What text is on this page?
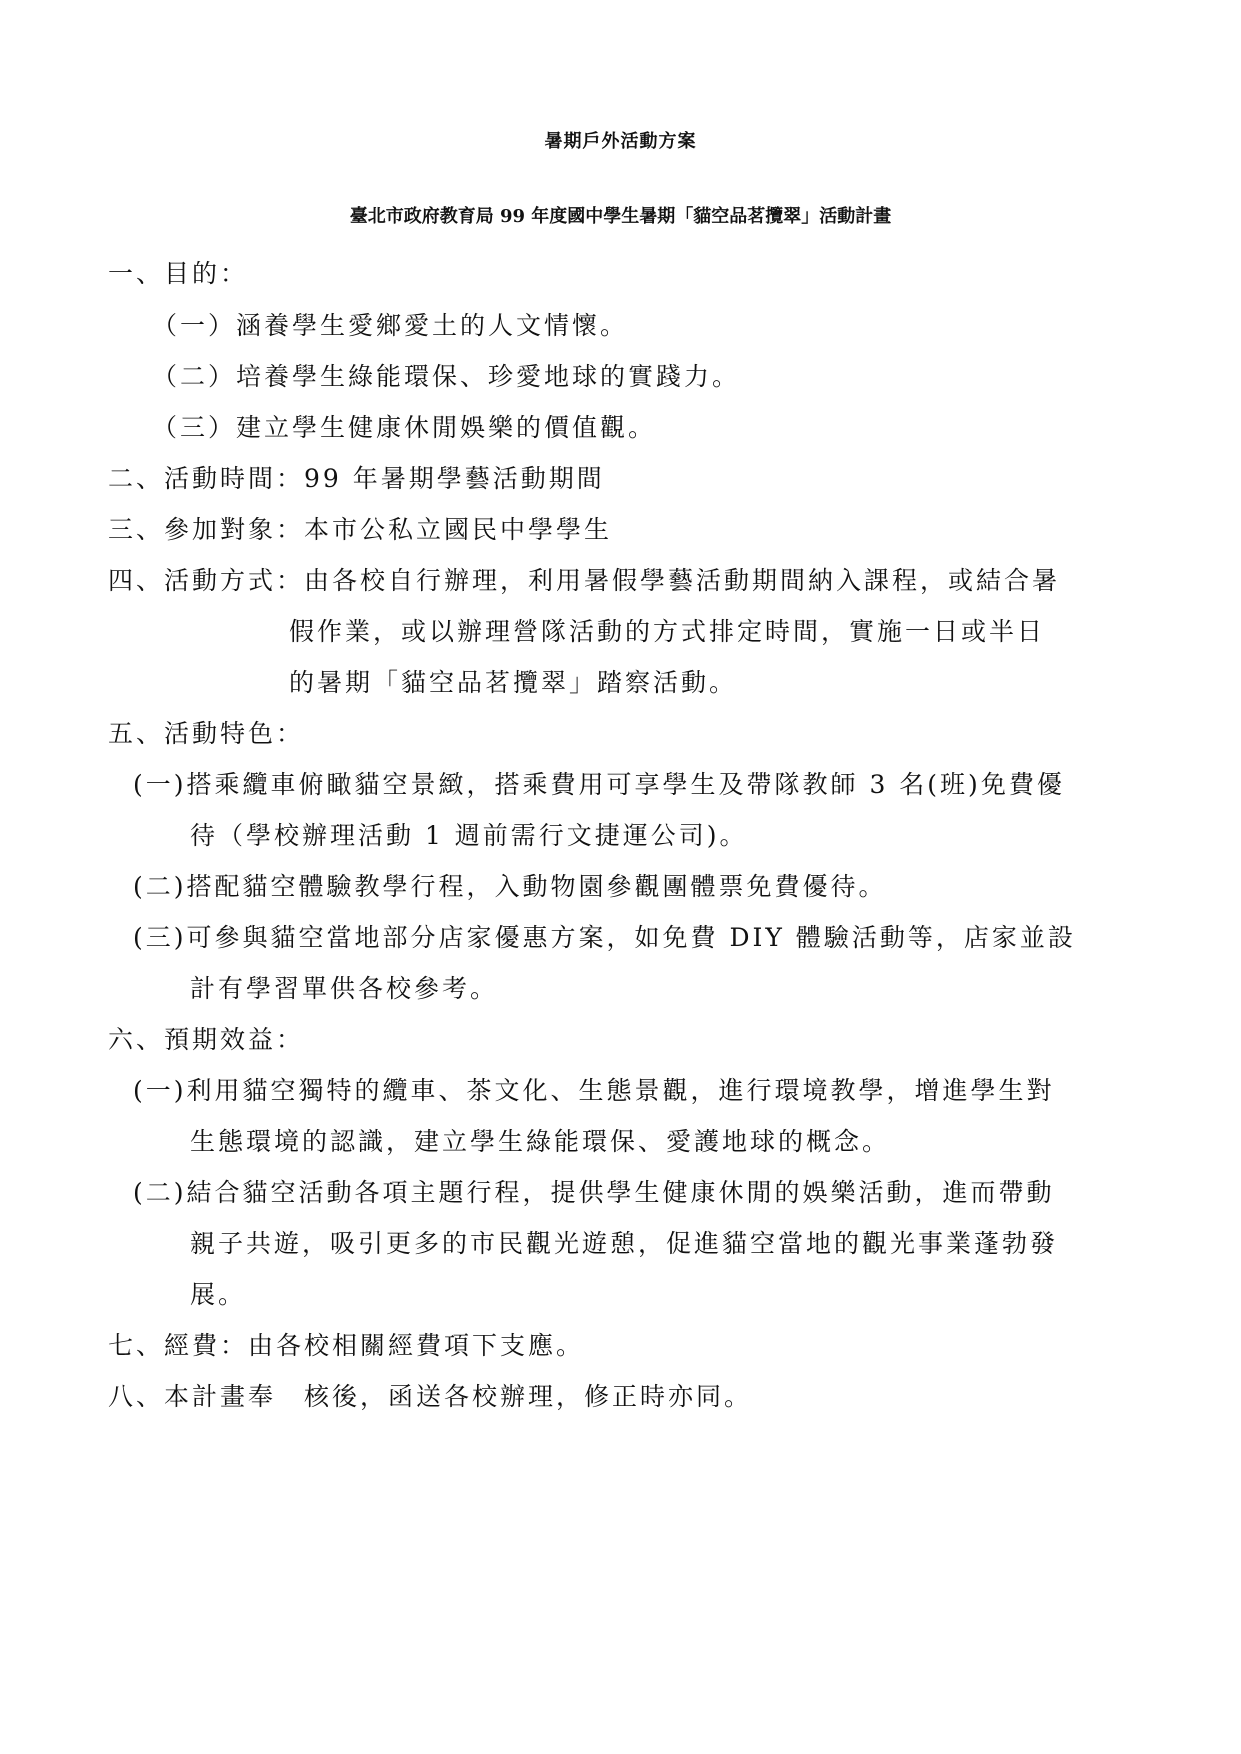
暑期戶外活動方案
臺北市政府教育局 99 年度國中學生暑期「貓空品茗攬翠」活動計畫
一、目的：
（一）涵養學生愛鄉愛土的人文情懷。
（二）培養學生綠能環保、珍愛地球的實踐力。
（三）建立學生健康休閒娛樂的價值觀。
二、活動時間：99 年暑期學藝活動期間
三、參加對象：本市公私立國民中學學生
四、活動方式：由各校自行辦理，利用暑假學藝活動期間納入課程，或結合暑
假作業，或以辦理營隊活動的方式排定時間，實施一日或半日
的暑期「貓空品茗攬翠」踏察活動。
五、活動特色：
(一)搭乘纜車俯瞰貓空景緻，搭乘費用可享學生及帶隊教師 3 名(班)免費優
待（學校辦理活動 1 週前需行文捷運公司)。
(二)搭配貓空體驗教學行程，入動物園參觀團體票免費優待。
(三)可參與貓空當地部分店家優惠方案，如免費 DIY 體驗活動等，店家並設
計有學習單供各校參考。
六、預期效益：
(一)利用貓空獨特的纜車、茶文化、生態景觀，進行環境教學，增進學生對
生態環境的認識，建立學生綠能環保、愛護地球的概念。
(二)結合貓空活動各項主題行程，提供學生健康休閒的娛樂活動，進而帶動
親子共遊，吸引更多的市民觀光遊憩，促進貓空當地的觀光事業蓬勃發
展。
七、經費：由各校相關經費項下支應。
八、本計畫奉　核後，函送各校辦理，修正時亦同。
